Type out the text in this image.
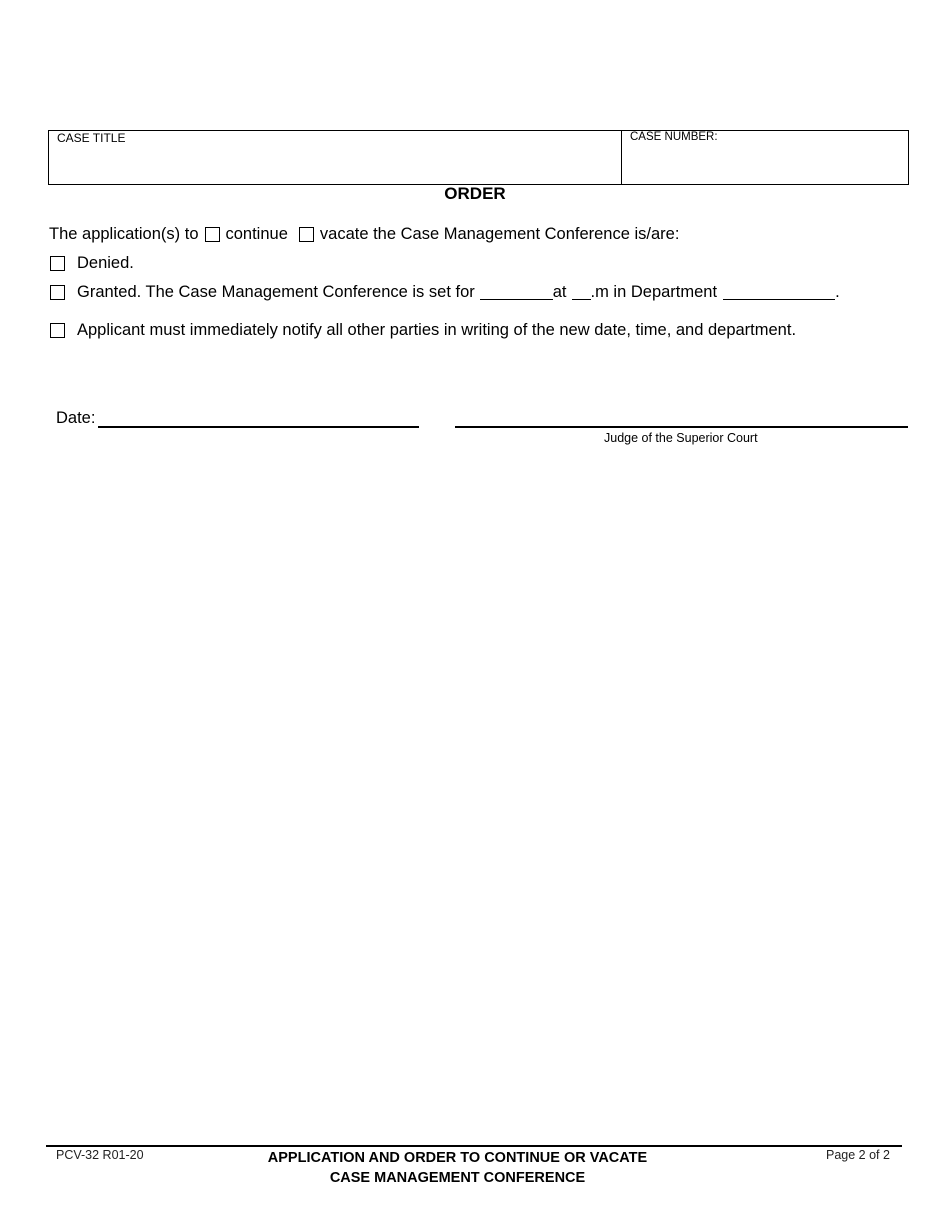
CASE TITLE	CASE NUMBER:
ORDER
The application(s) to continue vacate the Case Management Conference is/are:
Denied.
Granted. The Case Management Conference is set for	at .m in Department	.
Applicant must immediately notify all other parties in writing of the new date, time, and department.
Date:
Judge of the Superior Court
PCV-32 R01-20	APPLICATION AND ORDER TO CONTINUE OR VACATE
CASE MANAGEMENT CONFERENCE
Page 2 of 2
